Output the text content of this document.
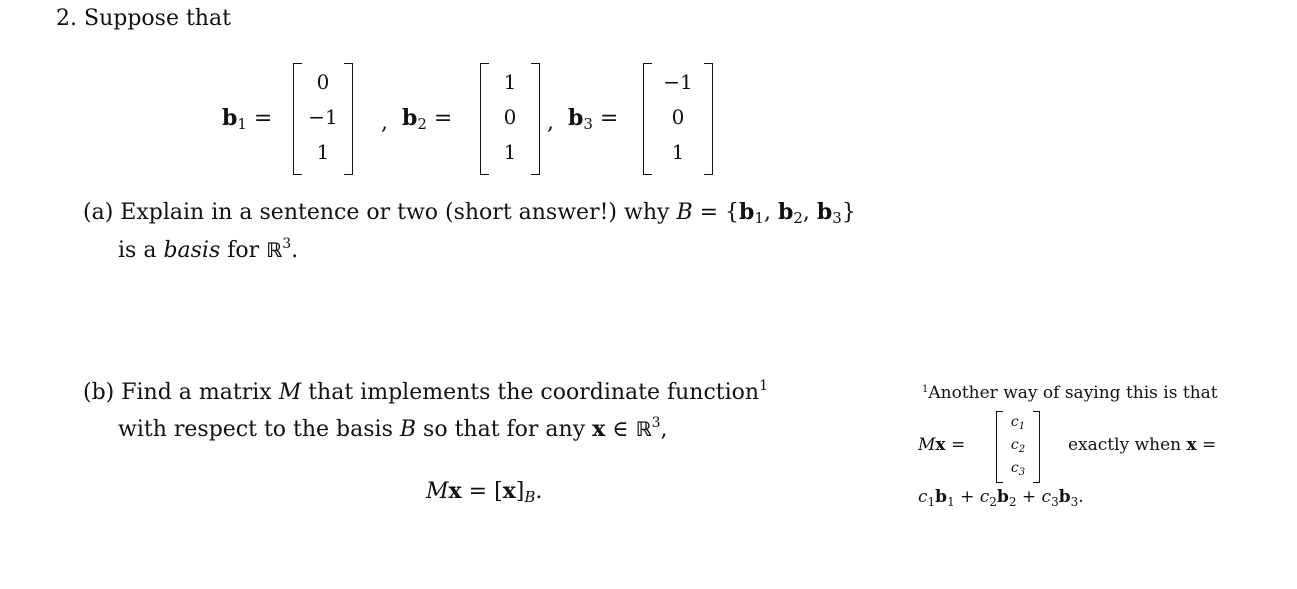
2. Suppose that
$b_1$ =
0
−1
1
, $b_2$ =
1
0
1
, $b_3$ =
−1
0
1
(a) Explain in a sentence or two (short answer!) why $B = \{b_1$, $b_2$, $b_3$}
is a basis for ℝ$^3$.
(b) Find a matrix M that implements the coordinate function$^1$
with respect to the basis B so that for any x ∈ ℝ$^3$,
$Mx = [x]_B$.
$^1$Another way of saying this is that
Mx =
$c_1$
$c_2$
$c_3$
exactly when x =
$c_1b_1 + c_2b_2 + c_3b_3$.
